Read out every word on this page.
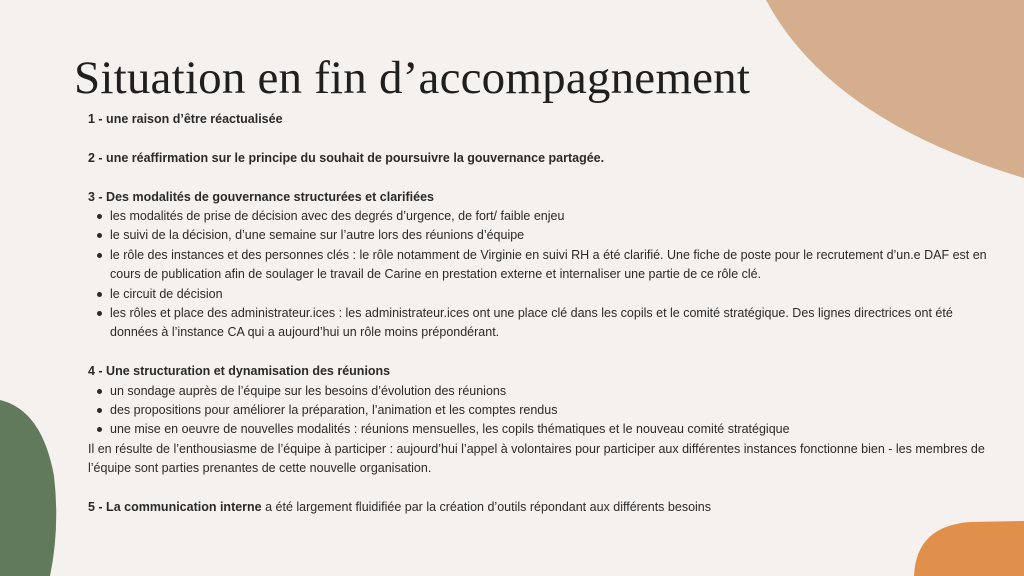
Situation en fin d’accompagnement

1 - une raison d’être réactualisée

2 - une réaffirmation sur le principe du souhait de poursuivre la gouvernance partagée.

3 - Des modalités de gouvernance structurées et clarifiées

les modalités de prise de décision avec des degrés d’urgence, de fort/ faible enjeu
le suivi de la décision, d’une semaine sur l’autre lors des réunions d’équipe
le rôle des instances et des personnes clés : le rôle notamment de Virginie en suivi RH a été clarifié. Une fiche de poste pour le recrutement d’un.e DAF est en cours de publication afin de soulager le travail de Carine en prestation externe et internaliser une partie de ce rôle clé.
le circuit de décision
les rôles et place des administrateur.ices : les administrateur.ices ont une place clé dans les copils et le comité stratégique. Des lignes directrices ont été données à l’instance CA qui a aujourd’hui un rôle moins prépondérant.

4 - Une structuration et dynamisation des réunions

un sondage auprès de l’équipe sur les besoins d’évolution des réunions
des propositions pour améliorer la préparation, l’animation et les comptes rendus
une mise en oeuvre de nouvelles modalités : réunions mensuelles, les copils thématiques et le nouveau comité stratégique

Il en résulte de l’enthousiasme de l’équipe à participer : aujourd’hui l’appel à volontaires pour participer aux différentes instances fonctionne bien - les membres de l’équipe sont parties prenantes de cette nouvelle organisation.

5 - La communication interne a été largement fluidifiée par la création d’outils répondant aux différents besoins
